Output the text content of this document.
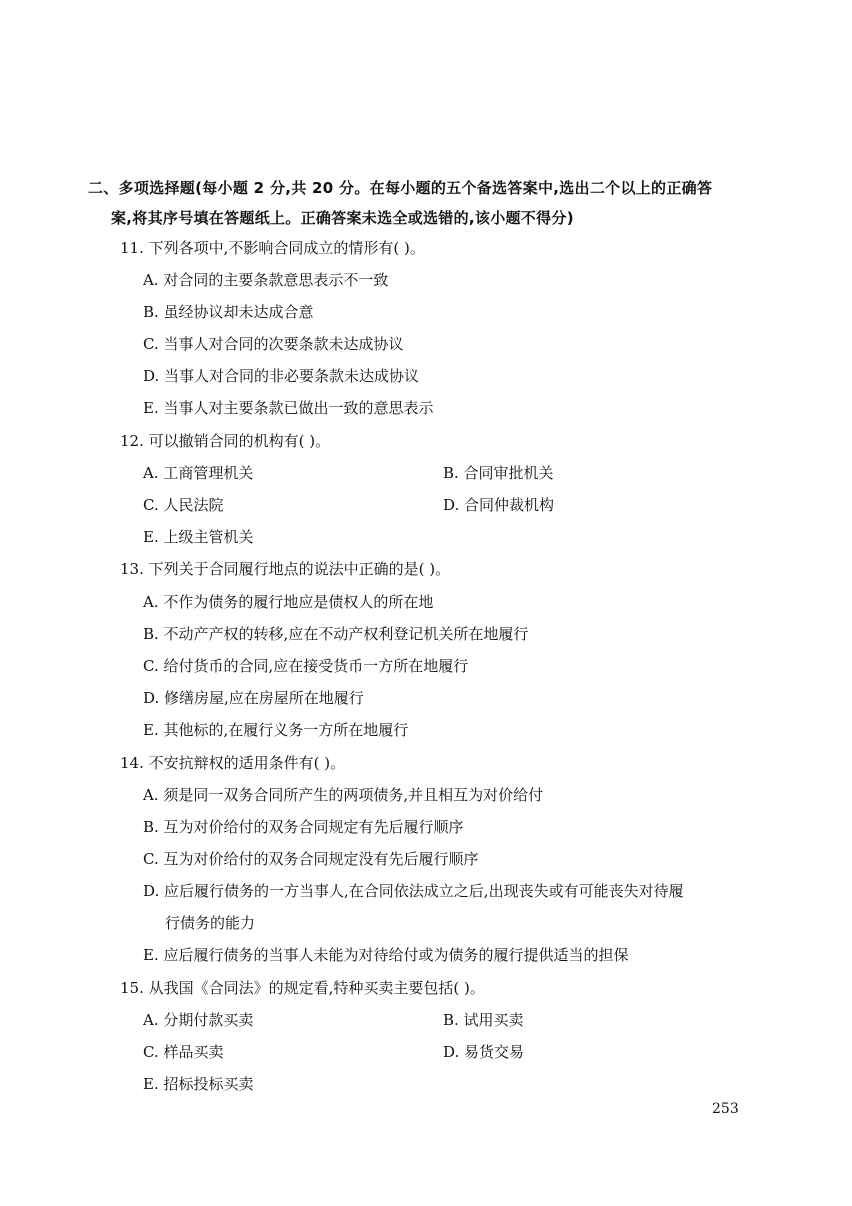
二、多项选择题(每小题 2 分,共 20 分。在每小题的五个备选答案中,选出二个以上的正确答
案,将其序号填在答题纸上。正确答案未选全或选错的,该小题不得分)
11. 下列各项中,不影响合同成立的情形有( )。
A. 对合同的主要条款意思表示不一致
B. 虽经协议却未达成合意
C. 当事人对合同的次要条款未达成协议
D. 当事人对合同的非必要条款未达成协议
E. 当事人对主要条款已做出一致的意思表示
12. 可以撤销合同的机构有( )。
A. 工商管理机关	B. 合同审批机关
C. 人民法院	D. 合同仲裁机构
E. 上级主管机关
13. 下列关于合同履行地点的说法中正确的是( )。
A. 不作为债务的履行地应是债权人的所在地
B. 不动产产权的转移,应在不动产权利登记机关所在地履行
C. 给付货币的合同,应在接受货币一方所在地履行
D. 修缮房屋,应在房屋所在地履行
E. 其他标的,在履行义务一方所在地履行
14. 不安抗辩权的适用条件有( )。
A. 须是同一双务合同所产生的两项债务,并且相互为对价给付
B. 互为对价给付的双务合同规定有先后履行顺序
C. 互为对价给付的双务合同规定没有先后履行顺序
D. 应后履行债务的一方当事人,在合同依法成立之后,出现丧失或有可能丧失对待履
行债务的能力
E. 应后履行债务的当事人未能为对待给付或为债务的履行提供适当的担保
15. 从我国《合同法》的规定看,特种买卖主要包括( )。
A. 分期付款买卖	B. 试用买卖
C. 样品买卖	D. 易货交易
E. 招标投标买卖
253
